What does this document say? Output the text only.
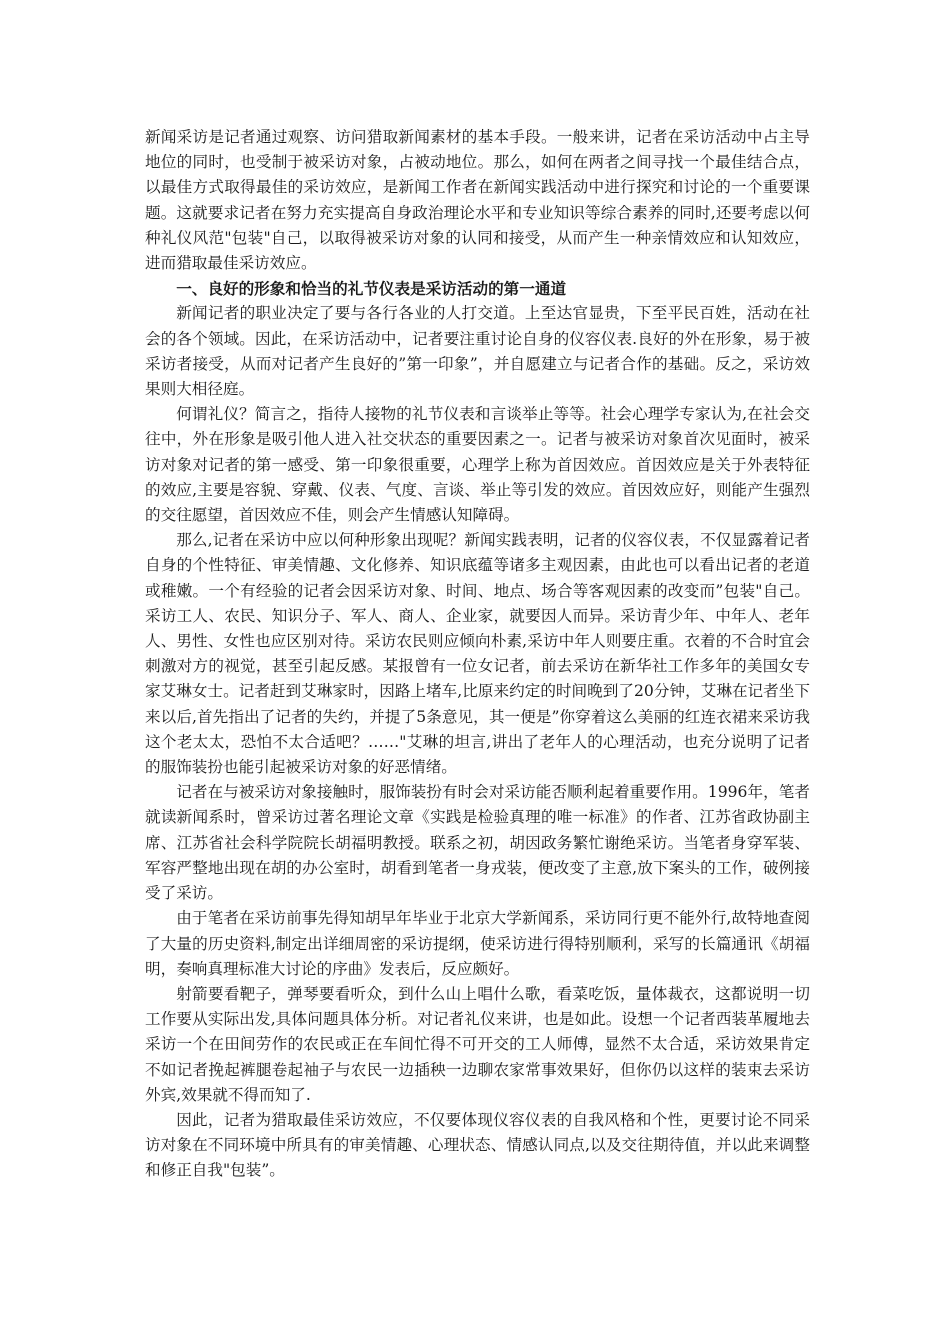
新闻采访是记者通过观察、访问猎取新闻素材的基本手段。一般来讲，记者在采访活动中占主导地位的同时，也受制于被采访对象，占被动地位。那么，如何在两者之间寻找一个最佳结合点，以最佳方式取得最佳的采访效应，是新闻工作者在新闻实践活动中进行探究和讨论的一个重要课题。这就要求记者在努力充实提高自身政治理论水平和专业知识等综合素养的同时,还要考虑以何种礼仪风范"包装"自己，以取得被采访对象的认同和接受，从而产生一种亲情效应和认知效应，进而猎取最佳采访效应。

一、良好的形象和恰当的礼节仪表是采访活动的第一通道

新闻记者的职业决定了要与各行各业的人打交道。上至达官显贵，下至平民百姓，活动在社会的各个领域。因此，在采访活动中，记者要注重讨论自身的仪容仪表.良好的外在形象，易于被采访者接受，从而对记者产生良好的”第一印象”，并自愿建立与记者合作的基础。反之，采访效果则大相径庭。

何谓礼仪？简言之，指待人接物的礼节仪表和言谈举止等等。社会心理学专家认为,在社会交往中，外在形象是吸引他人进入社交状态的重要因素之一。记者与被采访对象首次见面时，被采访对象对记者的第一感受、第一印象很重要，心理学上称为首因效应。首因效应是关于外表特征的效应,主要是容貌、穿戴、仪表、气度、言谈、举止等引发的效应。首因效应好，则能产生强烈的交往愿望，首因效应不佳，则会产生情感认知障碍。

那么,记者在采访中应以何种形象出现呢？新闻实践表明，记者的仪容仪表，不仅显露着记者自身的个性特征、审美情趣、文化修养、知识底蕴等诸多主观因素，由此也可以看出记者的老道或稚嫩。一个有经验的记者会因采访对象、时间、地点、场合等客观因素的改变而”包装"自己。采访工人、农民、知识分子、军人、商人、企业家，就要因人而异。采访青少年、中年人、老年人、男性、女性也应区别对待。采访农民则应倾向朴素,采访中年人则要庄重。衣着的不合时宜会刺激对方的视觉，甚至引起反感。某报曾有一位女记者，前去采访在新华社工作多年的美国女专家艾琳女士。记者赶到艾琳家时，因路上堵车,比原来约定的时间晚到了20分钟，艾琳在记者坐下来以后,首先指出了记者的失约，并提了5条意见，其一便是”你穿着这么美丽的红连衣裙来采访我这个老太太，恐怕不太合适吧？……"艾琳的坦言,讲出了老年人的心理活动，也充分说明了记者的服饰装扮也能引起被采访对象的好恶情绪。

记者在与被采访对象接触时，服饰装扮有时会对采访能否顺利起着重要作用。1996年，笔者就读新闻系时，曾采访过著名理论文章《实践是检验真理的唯一标准》的作者、江苏省政协副主席、江苏省社会科学院院长胡福明教授。联系之初，胡因政务繁忙谢绝采访。当笔者身穿军装、军容严整地出现在胡的办公室时，胡看到笔者一身戎装，便改变了主意,放下案头的工作，破例接受了采访。

由于笔者在采访前事先得知胡早年毕业于北京大学新闻系，采访同行更不能外行,故特地查阅了大量的历史资料,制定出详细周密的采访提纲，使采访进行得特别顺利，采写的长篇通讯《胡福明，奏响真理标准大讨论的序曲》发表后，反应颇好。

射箭要看靶子，弹琴要看听众，到什么山上唱什么歌，看菜吃饭，量体裁衣，这都说明一切工作要从实际出发,具体问题具体分析。对记者礼仪来讲，也是如此。设想一个记者西装革履地去采访一个在田间劳作的农民或正在车间忙得不可开交的工人师傅，显然不太合适，采访效果肯定不如记者挽起裤腿卷起袖子与农民一边插秧一边聊农家常事效果好，但你仍以这样的装束去采访外宾,效果就不得而知了.

因此，记者为猎取最佳采访效应，不仅要体现仪容仪表的自我风格和个性，更要讨论不同采访对象在不同环境中所具有的审美情趣、心理状态、情感认同点,以及交往期待值，并以此来调整和修正自我"包装”。
